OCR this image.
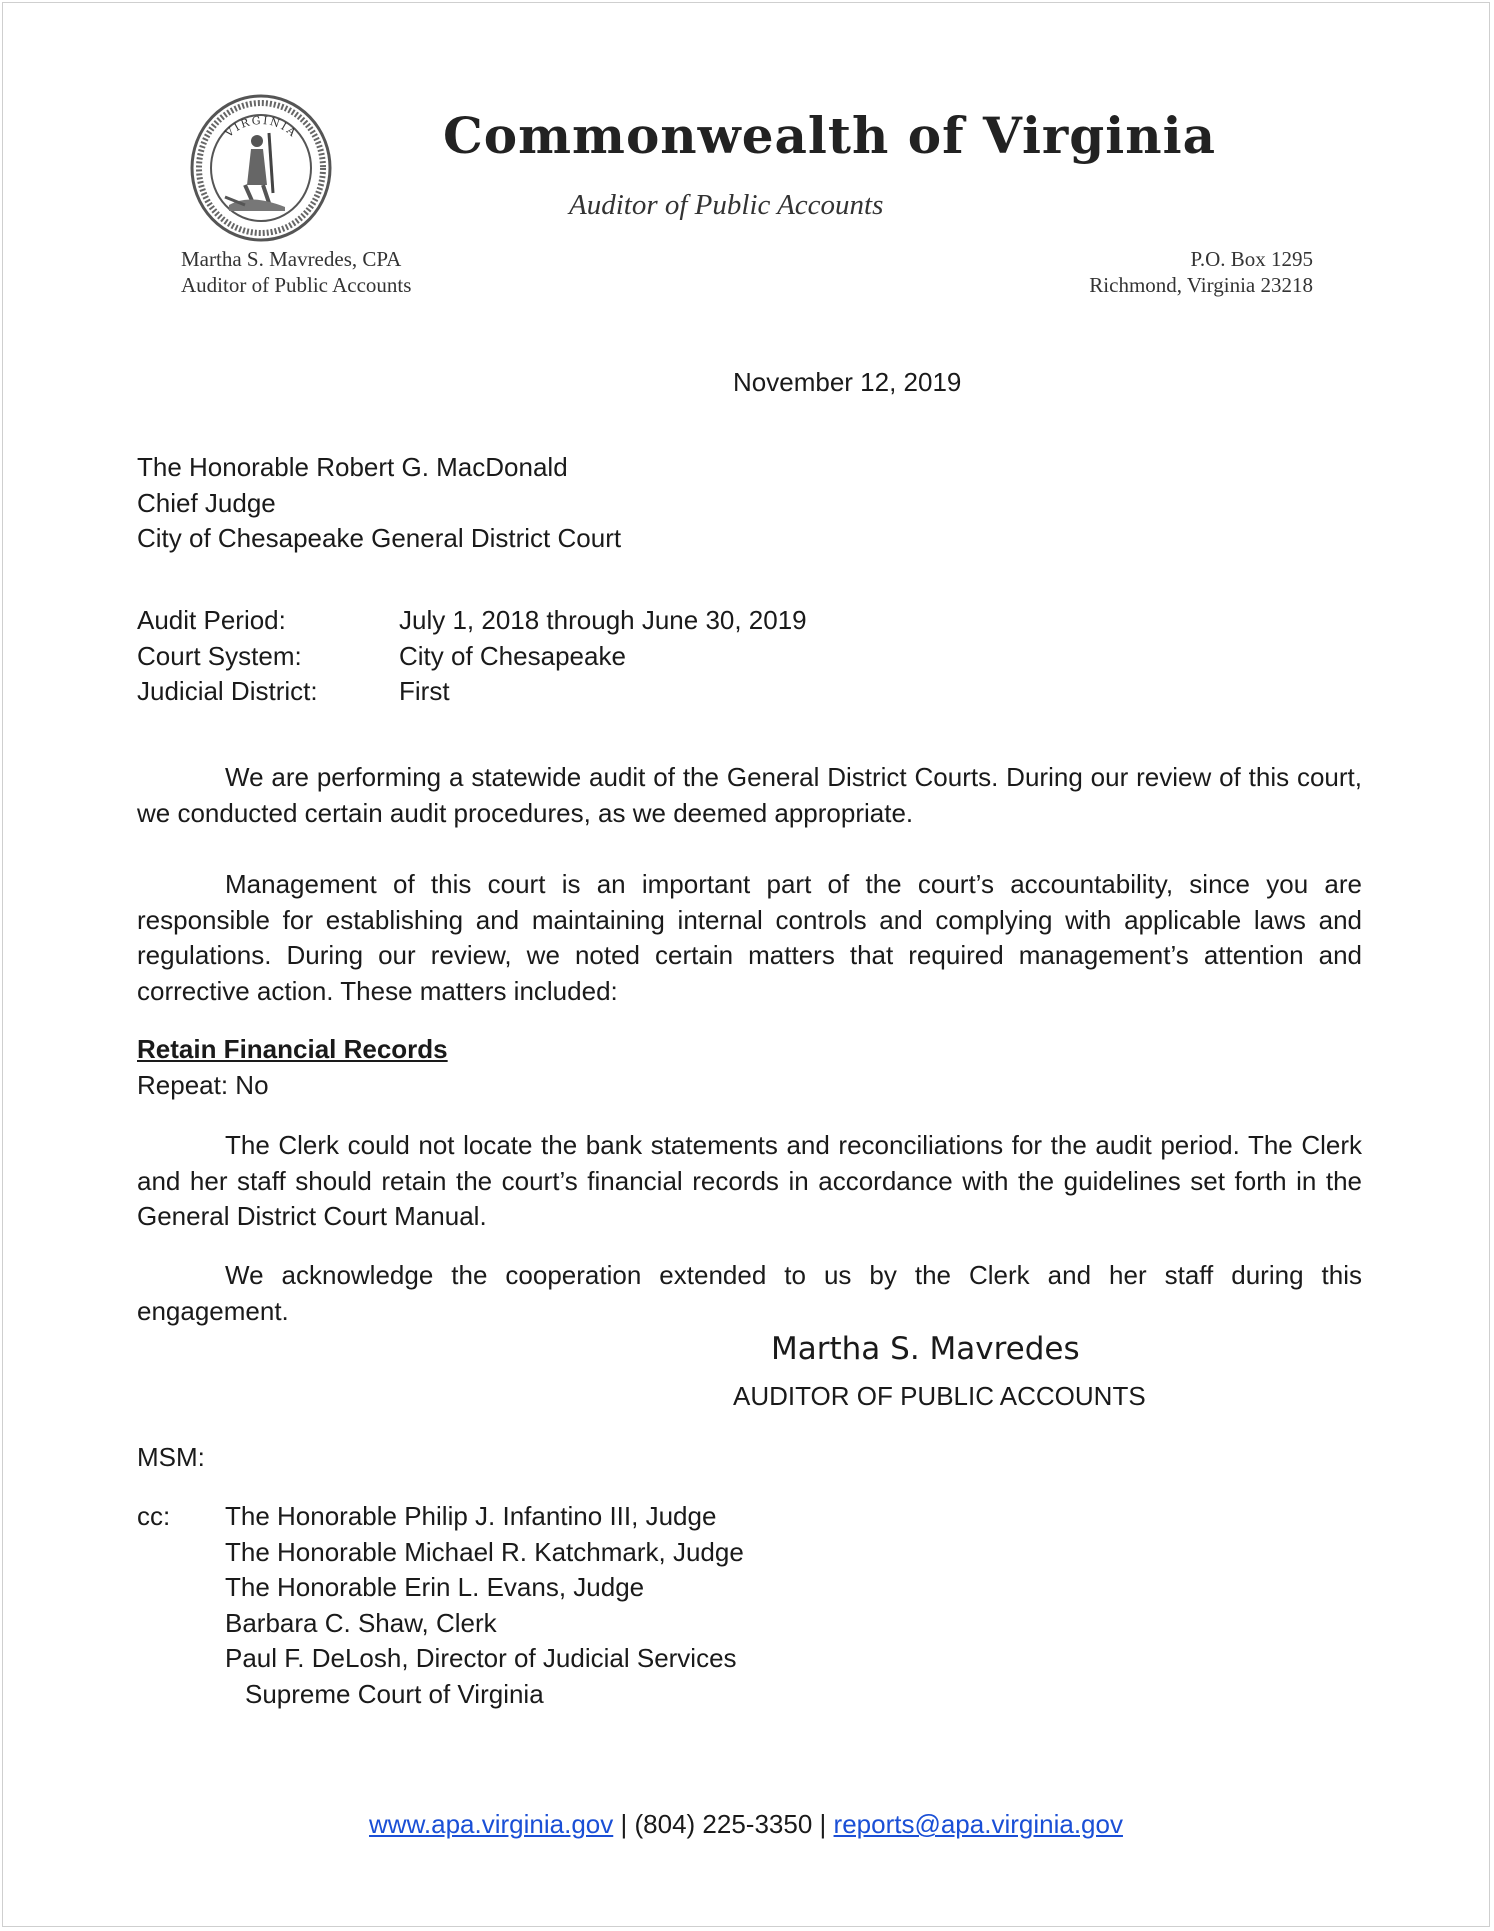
VIRGINIA	Commonwealth of Virginia
Auditor of Public Accounts
Martha S. Mavredes, CPA
Auditor of Public Accounts
P.O. Box 1295
Richmond, Virginia 23218
November 12, 2019
The Honorable Robert G. MacDonald
Chief Judge
City of Chesapeake General District Court
Audit Period:	July 1, 2018 through June 30, 2019
Court System:	City of Chesapeake
Judicial District:	First
We are performing a statewide audit of the General District Courts. During our review of this court, we conducted certain audit procedures, as we deemed appropriate.
Management of this court is an important part of the court’s accountability, since you are responsible for establishing and maintaining internal controls and complying with applicable laws and regulations. During our review, we noted certain matters that required management’s attention and corrective action. These matters included:
Retain Financial Records
Repeat: No
The Clerk could not locate the bank statements and reconciliations for the audit period. The Clerk and her staff should retain the court’s financial records in accordance with the guidelines set forth in the General District Court Manual.
We acknowledge the cooperation extended to us by the Clerk and her staff during this engagement.
Martha S. Mavredes
AUDITOR OF PUBLIC ACCOUNTS
MSM:
cc:	The Honorable Philip J. Infantino III, Judge
The Honorable Michael R. Katchmark, Judge
The Honorable Erin L. Evans, Judge
Barbara C. Shaw, Clerk
Paul F. DeLosh, Director of Judicial Services
Supreme Court of Virginia
www.apa.virginia.gov | (804) 225-3350 | reports@apa.virginia.gov
